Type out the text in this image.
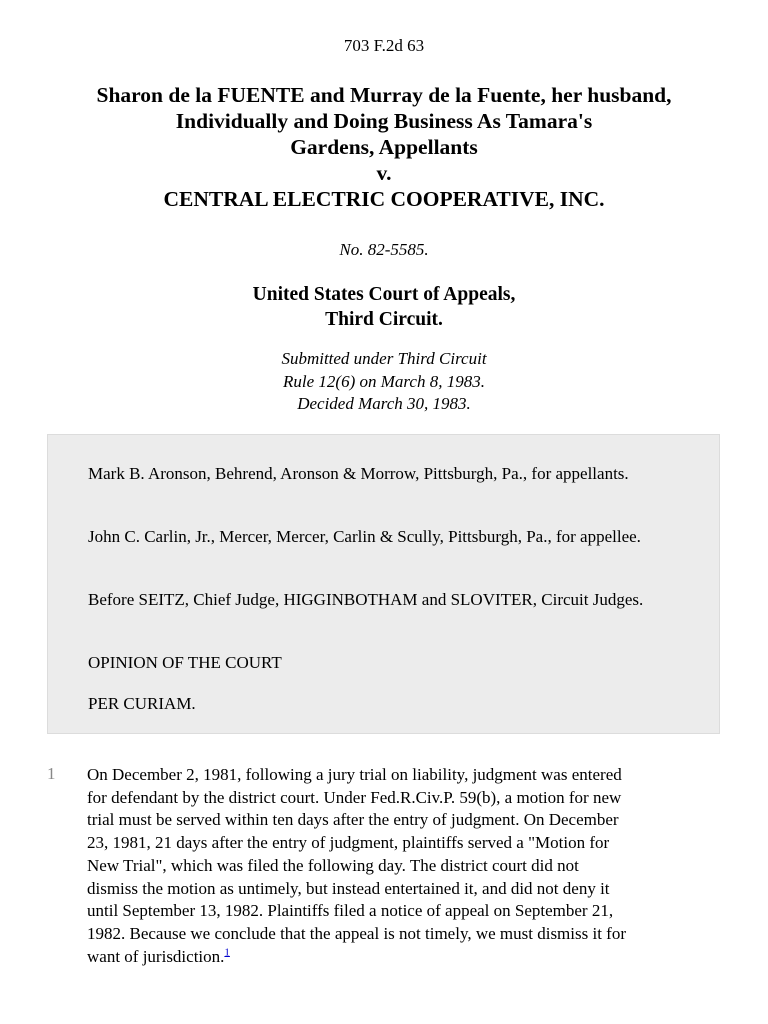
703 F.2d 63
Sharon de la FUENTE and Murray de la Fuente, her husband,
Individually and Doing Business As Tamara's
Gardens, Appellants
v.
CENTRAL ELECTRIC COOPERATIVE, INC.
No. 82-5585.
United States Court of Appeals,
Third Circuit.
Submitted under Third Circuit
Rule 12(6) on March 8, 1983.
Decided March 30, 1983.

Mark B. Aronson, Behrend, Aronson & Morrow, Pittsburgh, Pa., for appellants.

John C. Carlin, Jr., Mercer, Mercer, Carlin & Scully, Pittsburgh, Pa., for appellee.

Before SEITZ, Chief Judge, HIGGINBOTHAM and SLOVITER, Circuit Judges.

OPINION OF THE COURT

PER CURIAM.

1 On December 2, 1981, following a jury trial on liability, judgment was entered
for defendant by the district court. Under Fed.R.Civ.P. 59(b), a motion for new
trial must be served within ten days after the entry of judgment. On December
23, 1981, 21 days after the entry of judgment, plaintiffs served a "Motion for
New Trial", which was filed the following day. The district court did not
dismiss the motion as untimely, but instead entertained it, and did not deny it
until September 13, 1982. Plaintiffs filed a notice of appeal on September 21,
1982. Because we conclude that the appeal is not timely, we must dismiss it for
want of jurisdiction.$^1$
